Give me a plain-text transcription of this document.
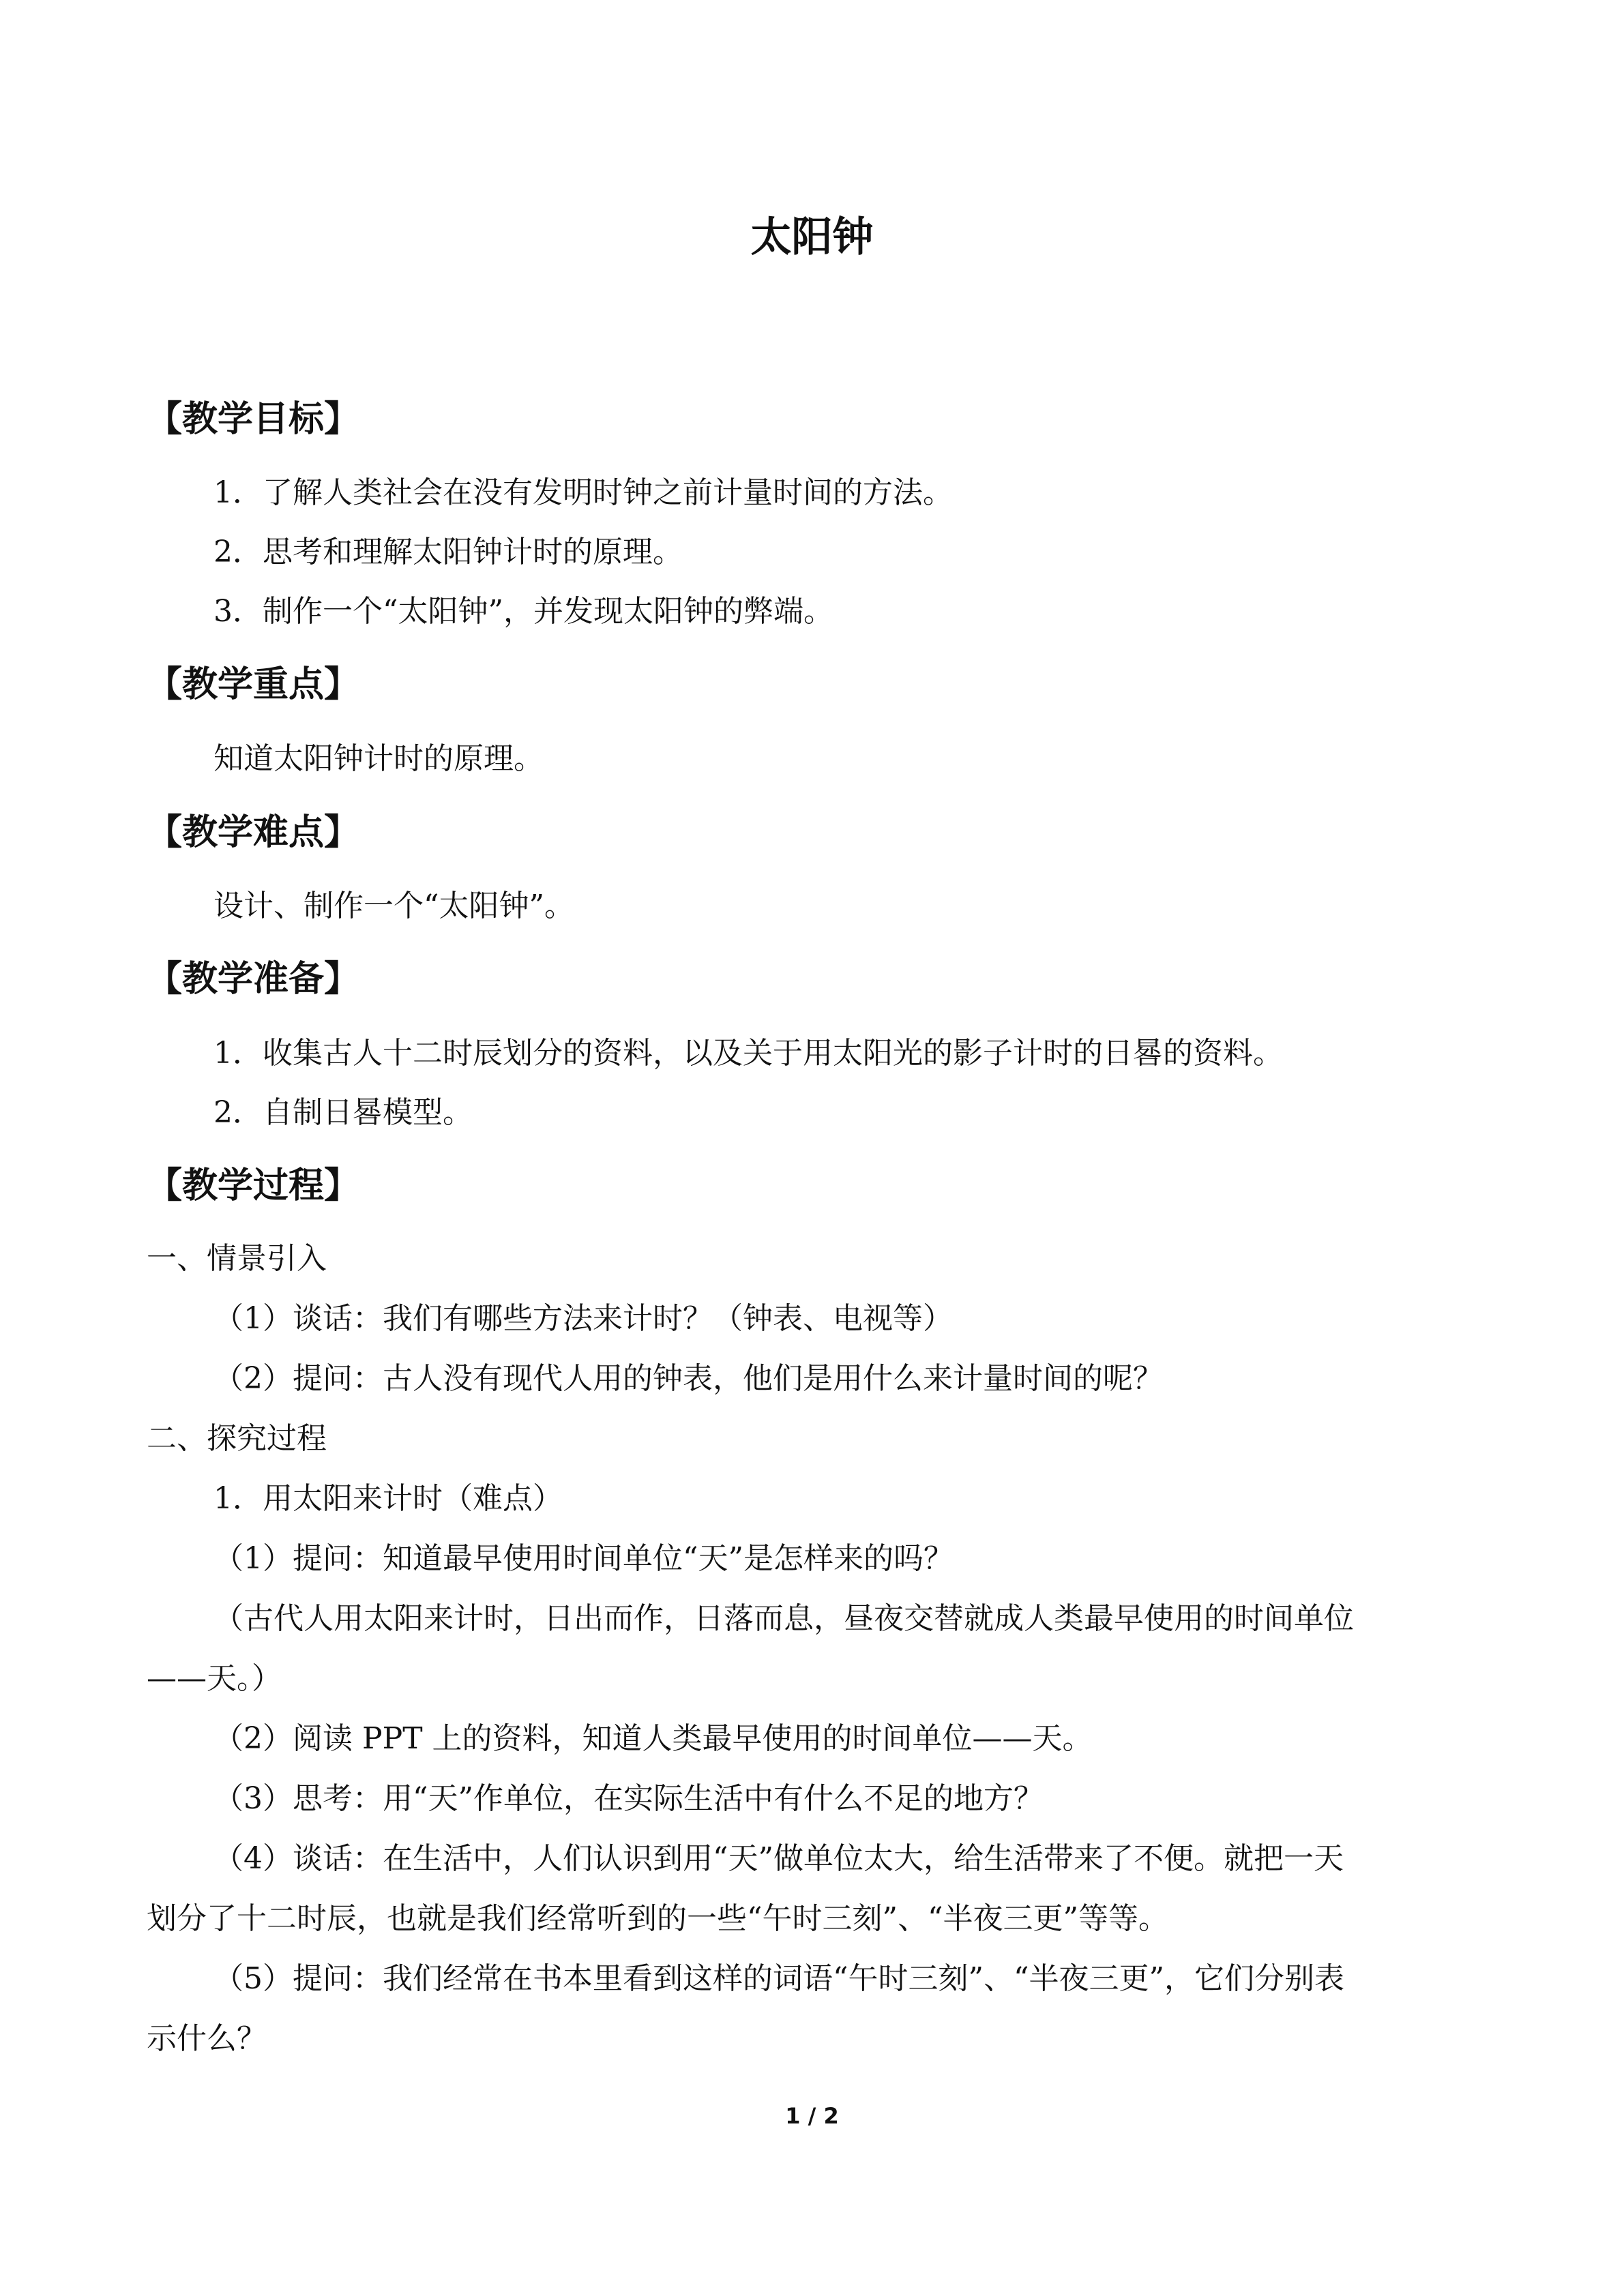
太阳钟
【教学目标】
1．了解人类社会在没有发明时钟之前计量时间的方法。
2．思考和理解太阳钟计时的原理。
3．制作一个“太阳钟”，并发现太阳钟的弊端。
【教学重点】
知道太阳钟计时的原理。
【教学难点】
设计、制作一个“太阳钟”。
【教学准备】
1．收集古人十二时辰划分的资料，以及关于用太阳光的影子计时的日晷的资料。
2．自制日晷模型。
【教学过程】
一、情景引入
（1）谈话：我们有哪些方法来计时？（钟表、电视等）
（2）提问：古人没有现代人用的钟表，他们是用什么来计量时间的呢？
二、探究过程
1．用太阳来计时（难点）
（1）提问：知道最早使用时间单位“天”是怎样来的吗？
（古代人用太阳来计时，日出而作，日落而息，昼夜交替就成人类最早使用的时间单位
——天。）
（2）阅读 PPT 上的资料，知道人类最早使用的时间单位——天。
（3）思考：用“天”作单位，在实际生活中有什么不足的地方？
（4）谈话：在生活中，人们认识到用“天”做单位太大，给生活带来了不便。就把一天
划分了十二时辰，也就是我们经常听到的一些“午时三刻”、“半夜三更”等等。
（5）提问：我们经常在书本里看到这样的词语“午时三刻”、“半夜三更”，它们分别表
示什么？
1 / 2
